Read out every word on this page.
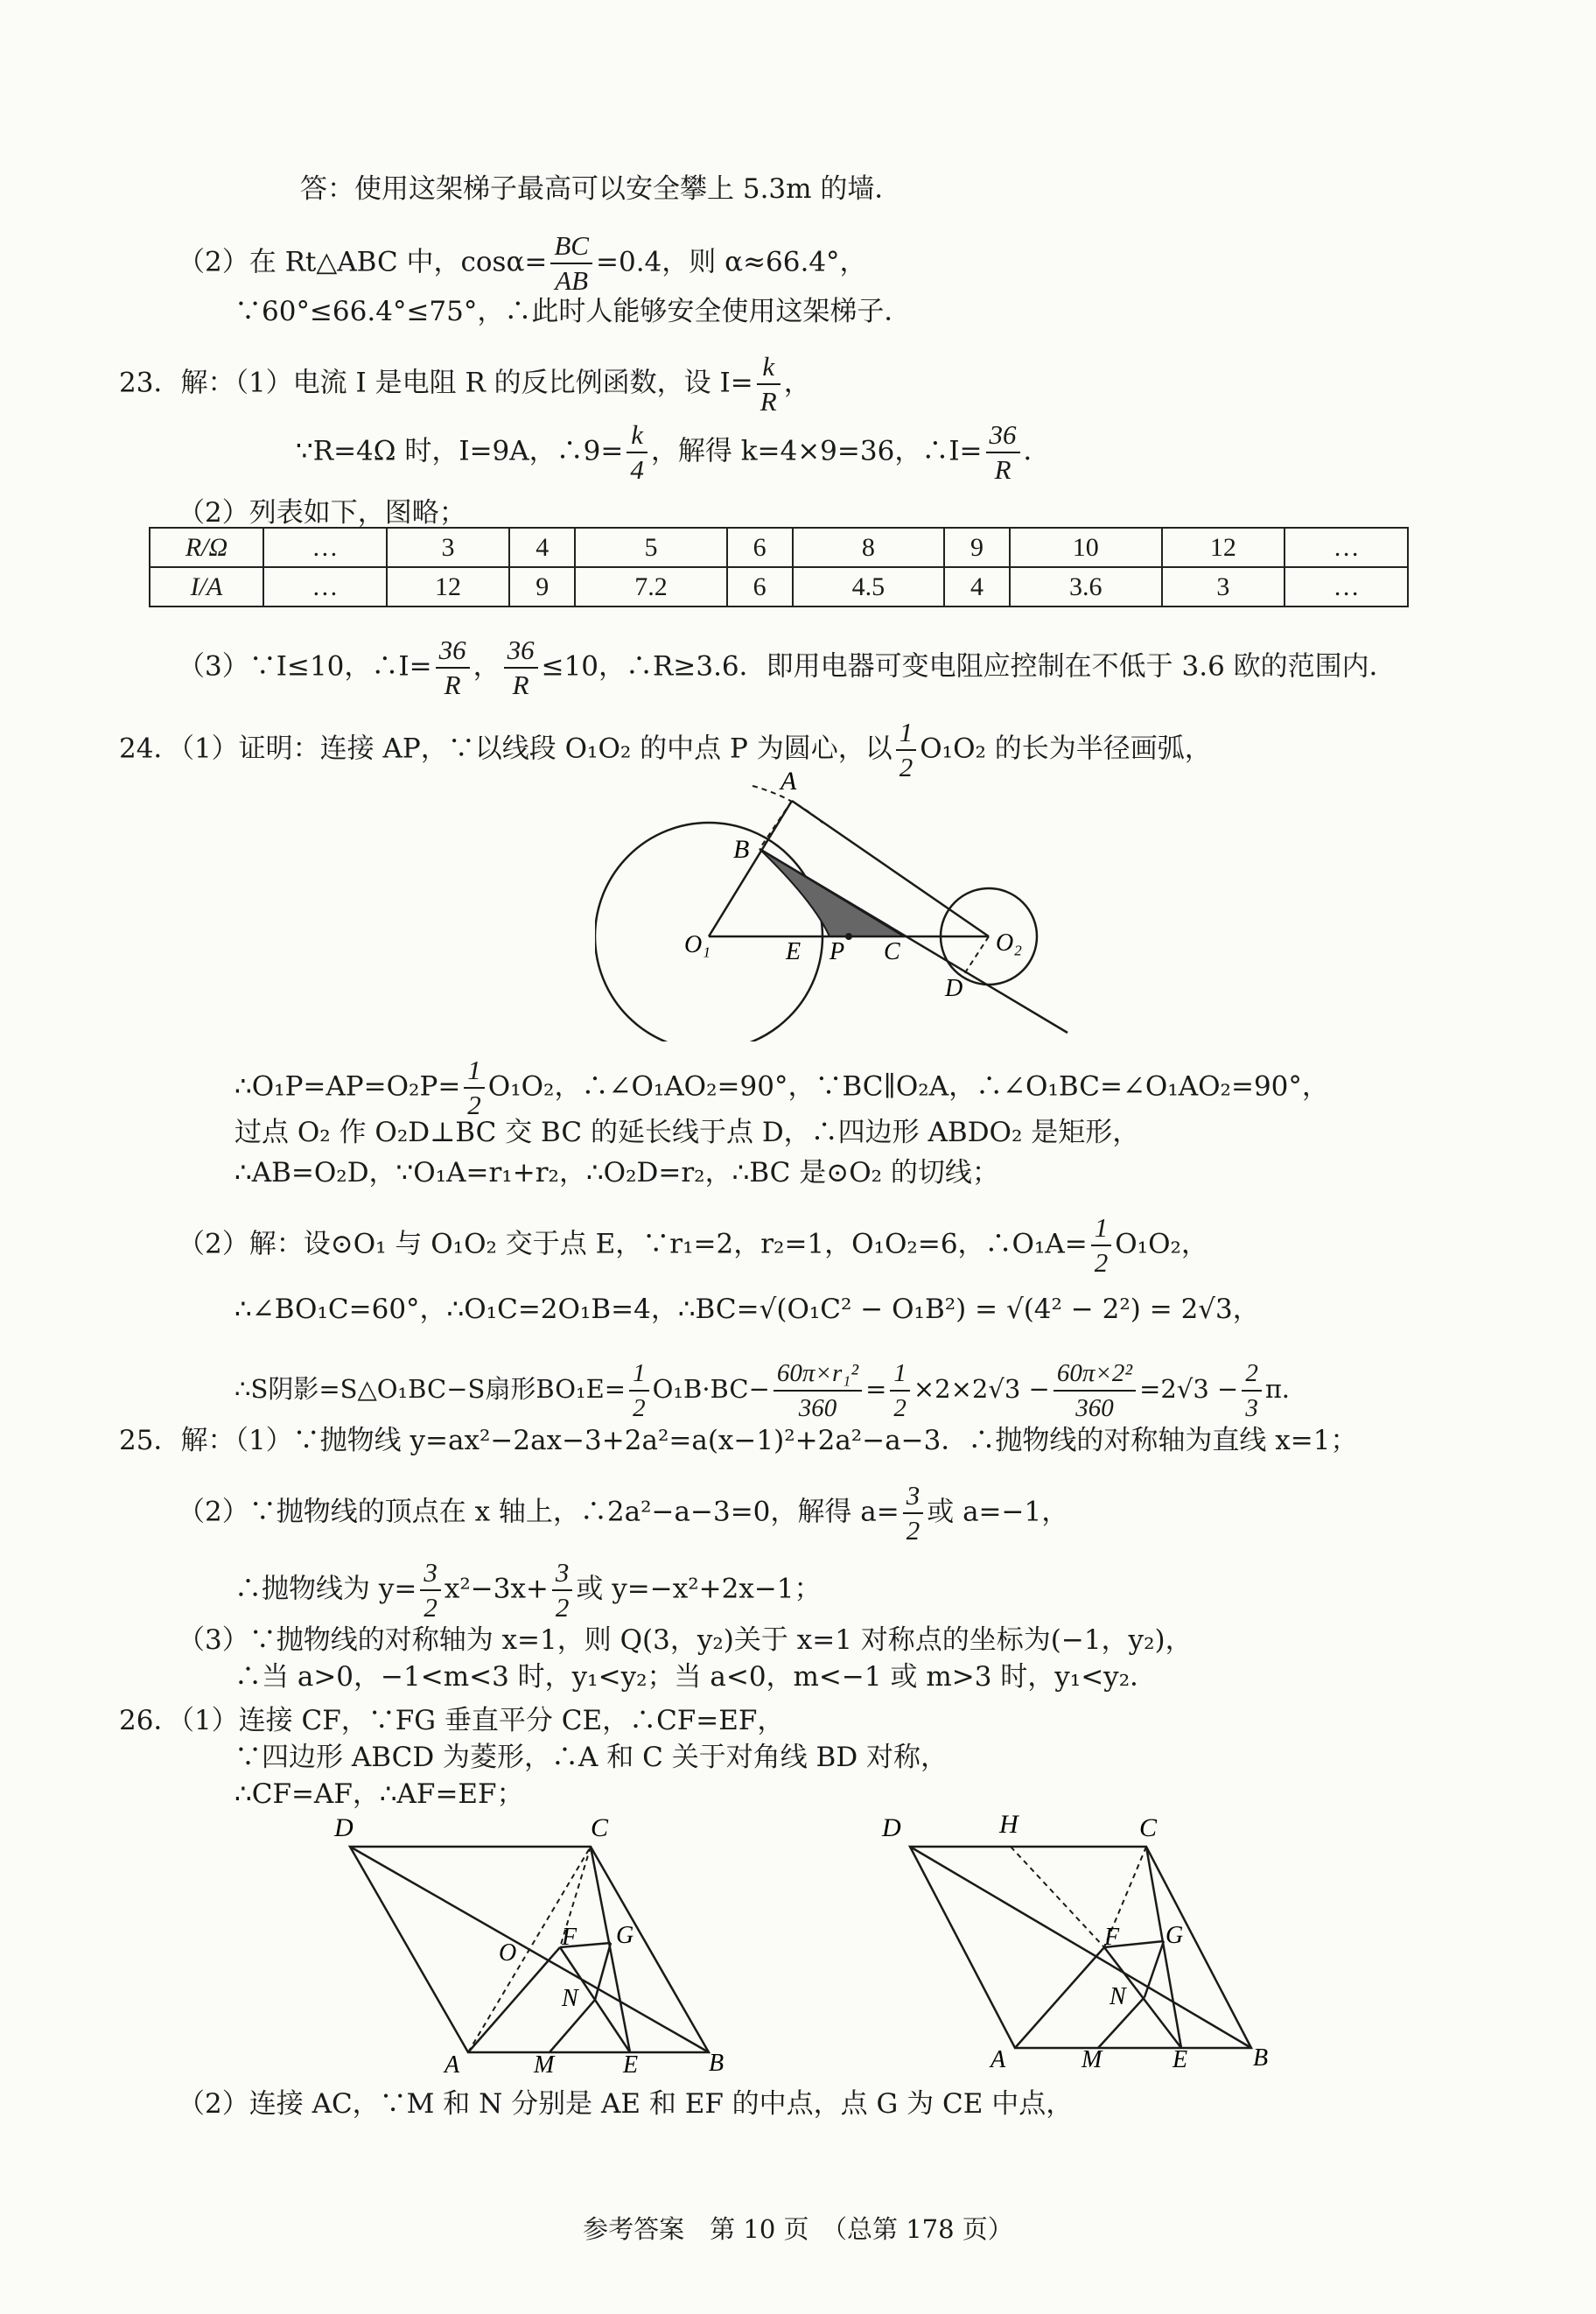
答：使用这架梯子最高可以安全攀上 5.3m 的墙．
（2）在 Rt△ABC 中，$\cos\alpha= \frac{BC}{AB} =0.4$，则 α≈66.4°，
∵60°≤66.4°≤75°，∴此时人能够安全使用这架梯子．
23．解：（1）电流 I 是电阻 R 的反比例函数，设 $I= \frac{k}{R}$ ，
∵R=4Ω 时，I=9A，∴9= $\frac{k}{4}$ ，解得 k=4×9=36，∴I= $\frac{36}{R}$ ．
（2）列表如下，图略；
R/Ω	…	3	4	5	6	8	9	10	12	…
I/A	…	12	9	7.2	6	4.5	4	3.6	3	…
（3）∵I≤10，∴I= $\frac{36}{R}$ ， $\frac{36}{R} \le 10$，∴R≥3.6．即用电器可变电阻应控制在不低于 3.6 欧的范围内．
24．（1）证明：连接 AP，∵以线段 O₁O₂ 的中点 P 为圆心，以 $\frac{1}{2} O_1O_2$ 的长为半径画弧，
A
B
O₁	E P C	O₂
D
∴O₁P=AP=O₂P= $\frac{1}{2} O_1O_2$，∴∠O₁AO₂=90°，∵BC∥O₂A，∴∠O₁BC=∠O₁AO₂=90°，
过点 O₂ 作 O₂D⊥BC 交 BC 的延长线于点 D，∴四边形 ABDO₂ 是矩形，
∴AB=O₂D，∵O₁A=r₁+r₂，∴O₂D=r₂，∴BC 是⊙O₂ 的切线；
（2）解：设⊙O₁ 与 O₁O₂ 交于点 E，∵r₁=2，r₂=1，O₁O₂=6，∴O₁A= $\frac{1}{2} O_1O_2$，
∴∠BO₁C=60°，∴O₁C=2O₁B=4，∴BC=√(O₁C² − O₁B²) = √(4² − 2²) = 2√3，
∴S阴影=S△O₁BC−S扇形$BO_1E= \frac{1}{2} O_1B\cdot BC- \frac{\text{60π×r₁²}}{360} = \frac{1}{2} \times 2\times 2√3 - \frac{\text{60π×2²}}{360} =2√3 - \frac{2}{3}$ π．
25．解：（1）∵抛物线 y=ax²−2ax−3+2a²=a(x−1)²+2a²−a−3．∴抛物线的对称轴为直线 x=1；
（2）∵抛物线的顶点在 x 轴上，∴2a²−a−3=0，解得 $a= \frac{3}{2}$ 或 a=−1，
∴抛物线为 $y= \frac{3}{2} x^2-3x+ \frac{3}{2}$ 或 y=−x²+2x−1；
（3）∵抛物线的对称轴为 x=1，则 Q(3，y₂)关于 x=1 对称点的坐标为(−1，y₂)，
∴当 a>0，−1<m<3 时，y₁<y₂；当 a<0，m<−1 或 m>3 时，y₁<y₂．
26．（1）连接 CF，∵FG 垂直平分 CE，∴CF=EF，
∵四边形 ABCD 为菱形，∴A 和 C 关于对角线 BD 对称，
∴CF=AF，∴AF=EF；
D	C
O
F G
N
A	M	E	B
D	H	C
F G
N
A	M	E	B
（2）连接 AC，∵M 和 N 分别是 AE 和 EF 的中点，点 G 为 CE 中点，
参考答案　第 10 页　（总第 178 页）
